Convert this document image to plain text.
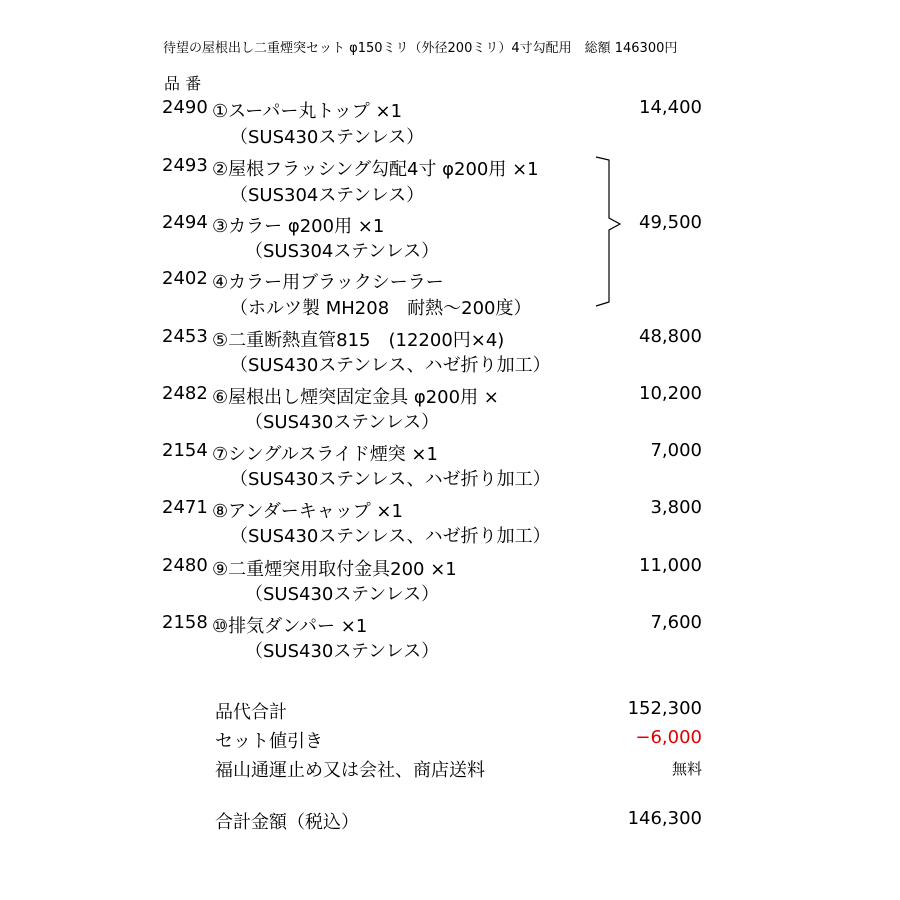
待望の屋根出し二重煙突セット φ150ミリ（外径200ミリ）4寸勾配用　総額 146300円
品 番
2490 ①スーパー丸トップ ×1
（SUS430ステンレス）
14,400
2493 ②屋根フラッシング勾配4寸 φ200用 ×1
（SUS304ステンレス）
2494 ③カラー φ200用 ×1
（SUS304ステンレス）
2402 ④カラー用ブラックシーラー
（ホルツ製 MH208　耐熱～200度）
49,500
2453 ⑤二重断熱直管815　(12200円×4)
（SUS430ステンレス、ハゼ折り加工）
48,800
2482 ⑥屋根出し煙突固定金具 φ200用 ×
（SUS430ステンレス）
10,200
2154 ⑦シングルスライド煙突 ×1
（SUS430ステンレス、ハゼ折り加工）
7,000
2471 ⑧アンダーキャップ ×1
（SUS430ステンレス、ハゼ折り加工）
3,800
2480 ⑨二重煙突用取付金具200 ×1
（SUS430ステンレス）
11,000
2158 ⑩排気ダンパー ×1
（SUS430ステンレス）
7,600
品代合計	152,300
セット値引き	−6,000
福山通運止め又は会社、商店送料	無料
合計金額（税込）	146,300
